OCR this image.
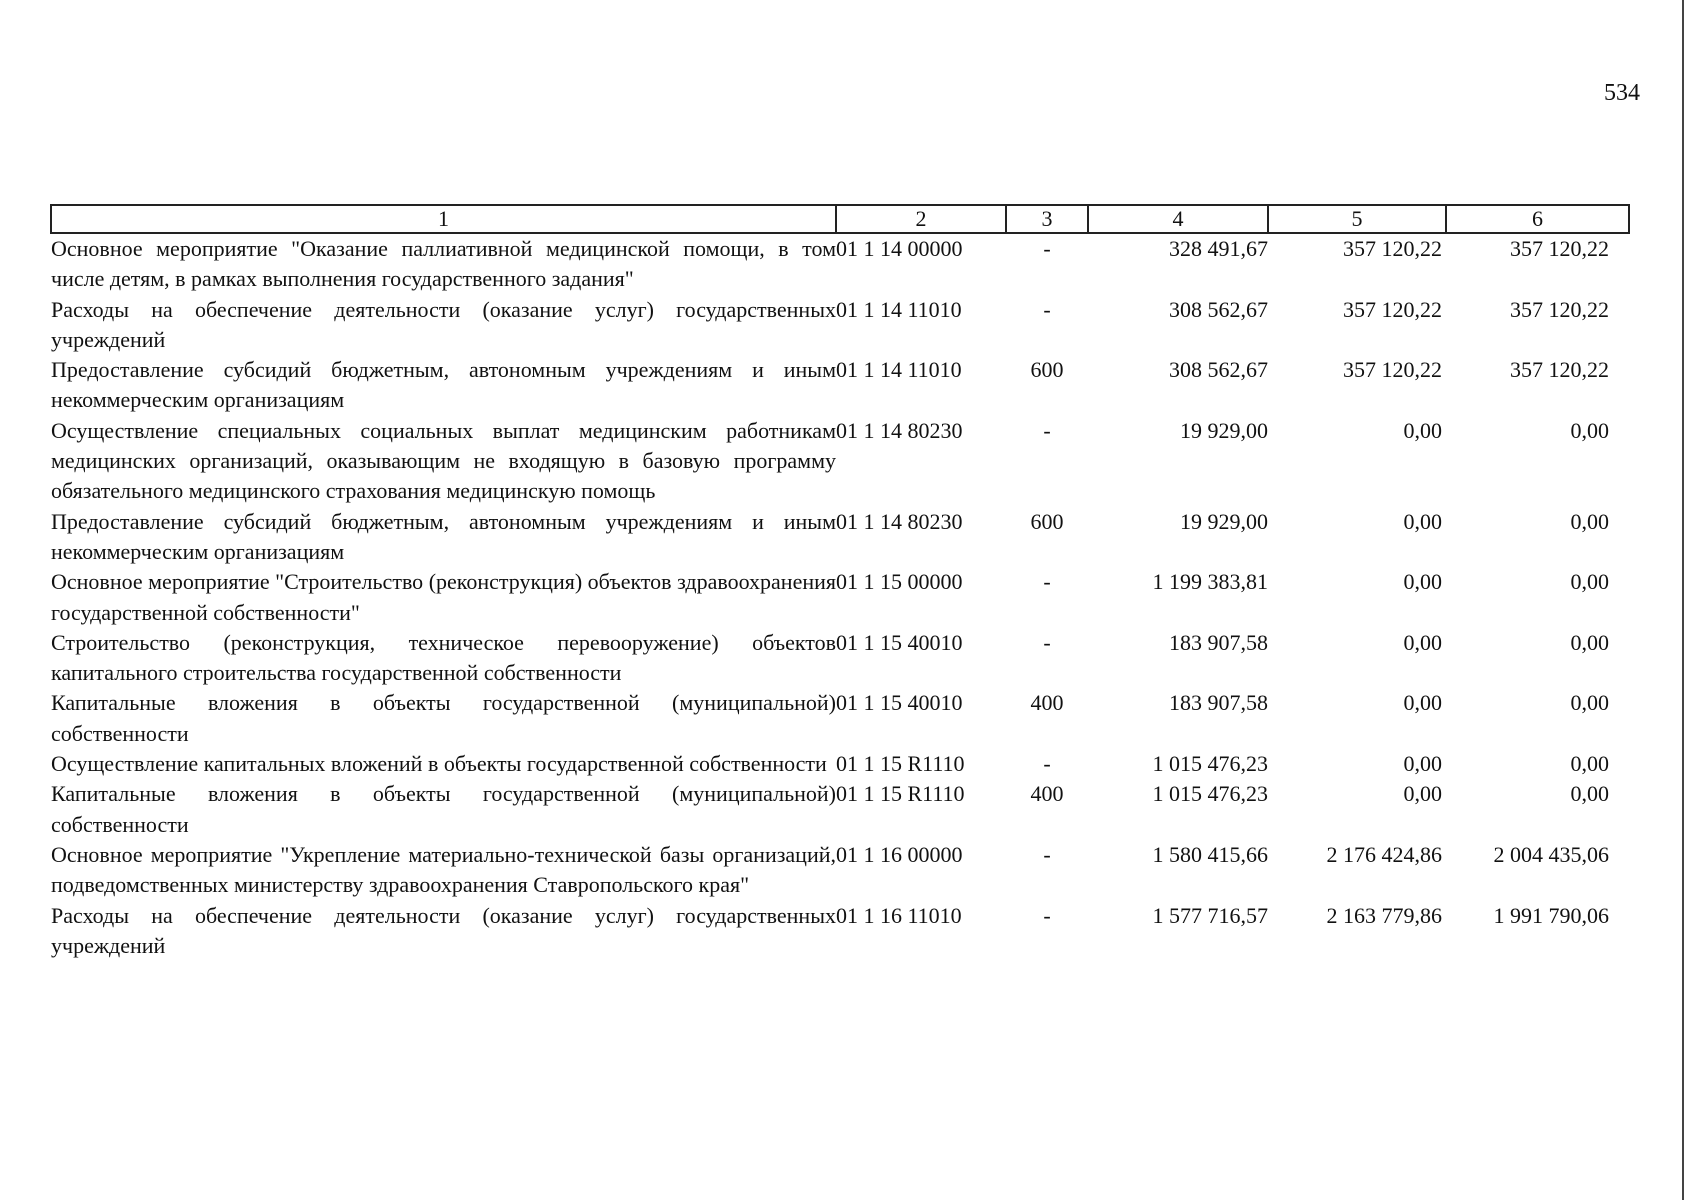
534
1	2	3	4	5	6
Основное мероприятие "Оказание паллиативной медицинской помощи, в том числе детям, в рамках выполнения государственного задания"	01 1 14 00000	-	328 491,67	357 120,22	357 120,22
Расходы на обеспечение деятельности (оказание услуг) государственных учреждений	01 1 14 11010	-	308 562,67	357 120,22	357 120,22
Предоставление субсидий бюджетным, автономным учреждениям и иным некоммерческим организациям	01 1 14 11010	600	308 562,67	357 120,22	357 120,22
Осуществление специальных социальных выплат медицинским работникам медицинских организаций, оказывающим не входящую в базовую программу обязательного медицинского страхования медицинскую помощь	01 1 14 80230	-	19 929,00	0,00	0,00
Предоставление субсидий бюджетным, автономным учреждениям и иным некоммерческим организациям	01 1 14 80230	600	19 929,00	0,00	0,00
Основное мероприятие "Строительство (реконструкция) объектов здравоохранения государственной собственности"	01 1 15 00000	-	1 199 383,81	0,00	0,00
Строительство (реконструкция, техническое перевооружение) объектов капитального строительства государственной собственности	01 1 15 40010	-	183 907,58	0,00	0,00
Капитальные вложения в объекты государственной (муниципальной) собственности	01 1 15 40010	400	183 907,58	0,00	0,00
Осуществление капитальных вложений в объекты государственной собственности	01 1 15 R1110	-	1 015 476,23	0,00	0,00
Капитальные вложения в объекты государственной (муниципальной) собственности	01 1 15 R1110	400	1 015 476,23	0,00	0,00
Основное мероприятие "Укрепление материально-технической базы организаций, подведомственных министерству здравоохранения Ставропольского края"	01 1 16 00000	-	1 580 415,66	2 176 424,86	2 004 435,06
Расходы на обеспечение деятельности (оказание услуг) государственных учреждений	01 1 16 11010	-	1 577 716,57	2 163 779,86	1 991 790,06
